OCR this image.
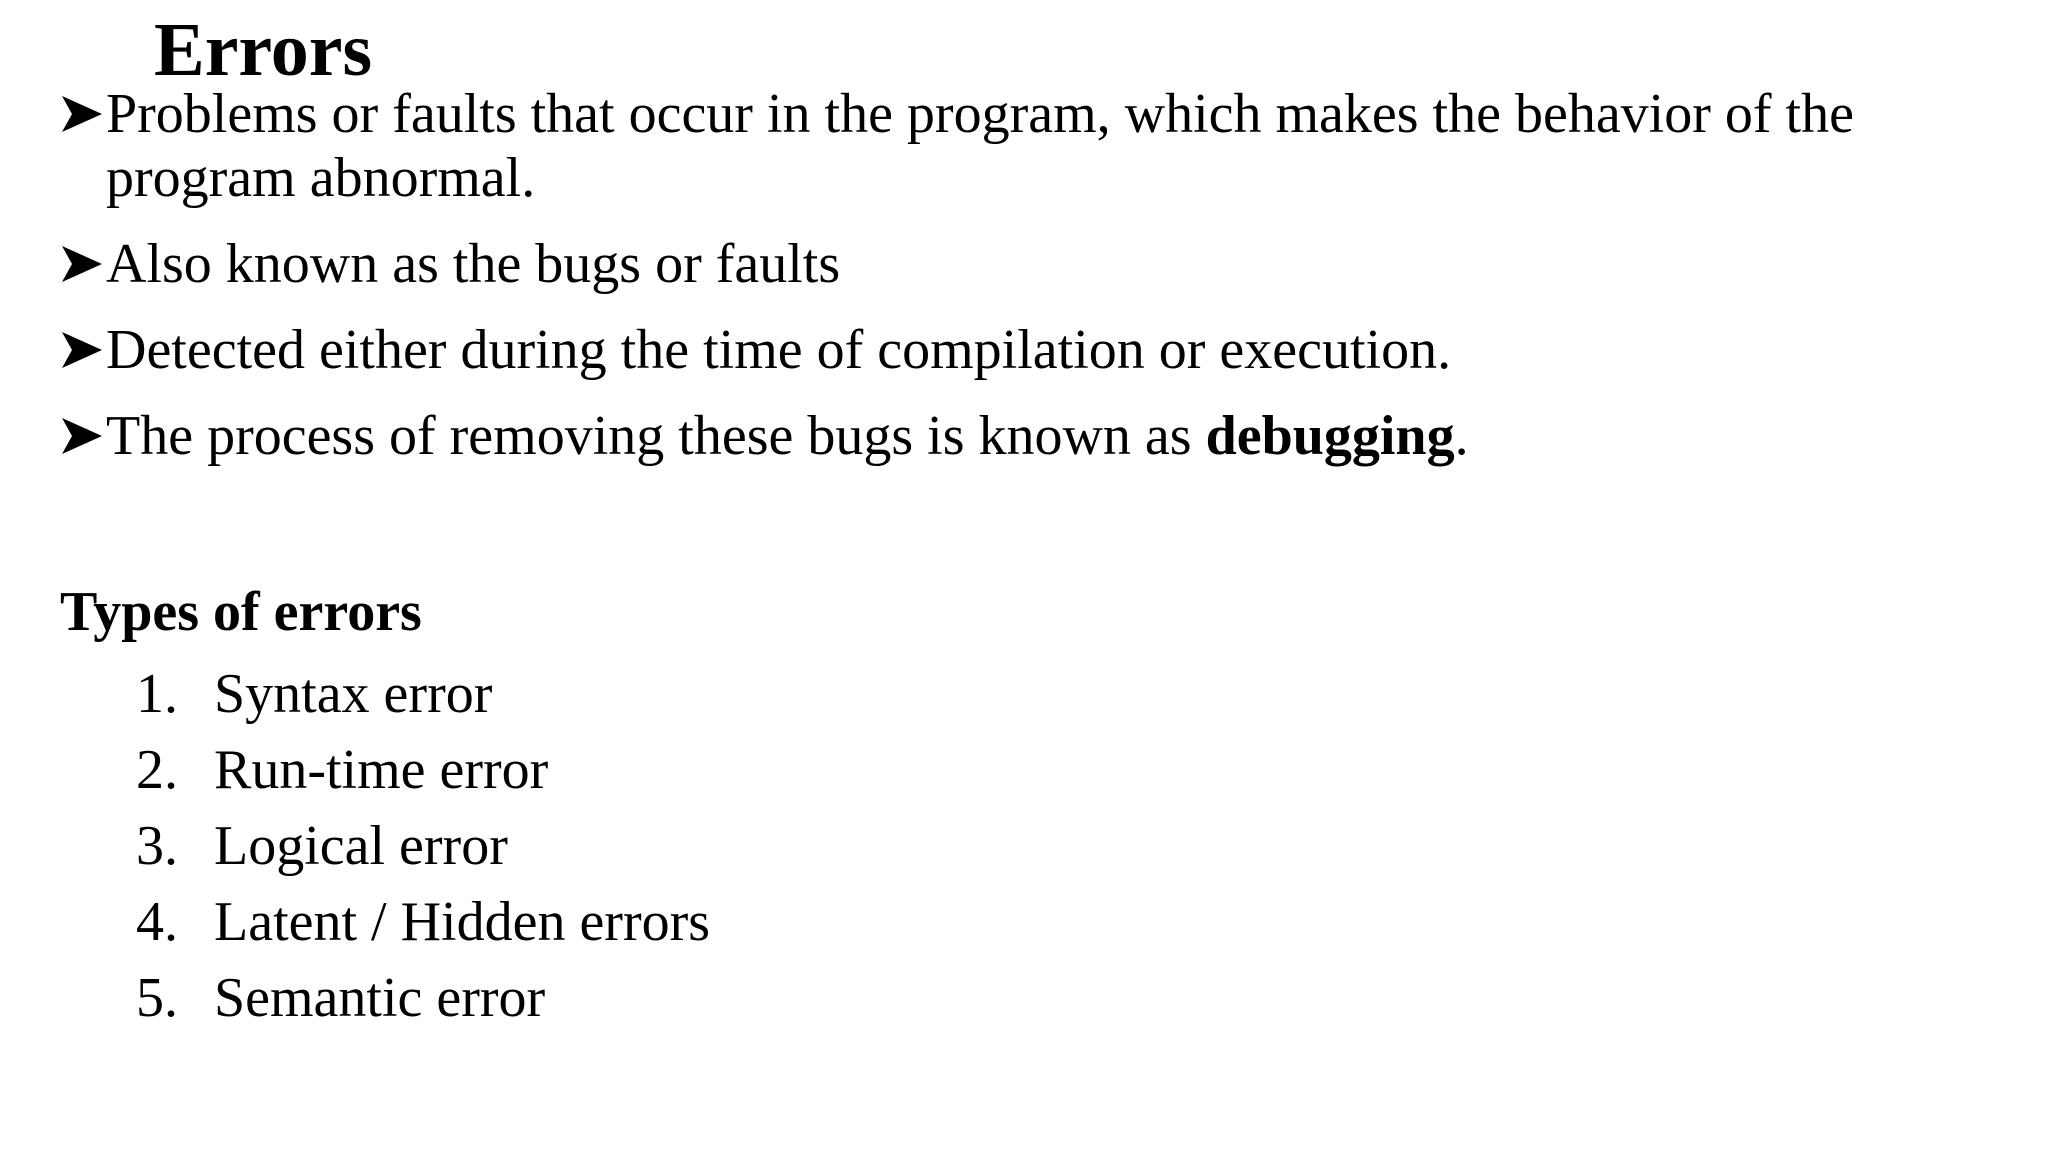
Errors
Problems or faults that occur in the program, which makes the behavior of the program abnormal.
Also known as the bugs or faults
Detected either during the time of compilation or execution.
The process of removing these bugs is known as debugging.
Types of errors
1. Syntax error
2. Run-time error
3. Logical error
4. Latent / Hidden errors
5. Semantic error
